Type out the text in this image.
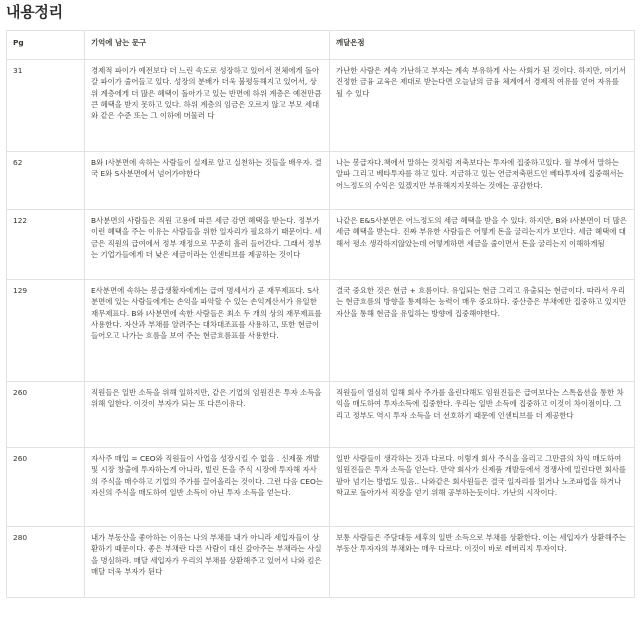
내용정리
Pg	기억에 남는 문구	깨달은점
31	경제적 파이가 예전보다 더 느린 속도로 성장하고 있어서 전체에게 돌아갈 파이가 줄어들고 있다. 성장의 분배가 더욱 불평등해지고 있어서, 상위 계층에게 더 많은 혜택이 돌아가고 있는 반면에 하위 계층은 예전만큼 큰 혜택을 받지 못하고 있다. 하위 계층의 임금은 오르지 않고 부모 세대와 같은 수준 또는 그 이하에 머물러 다	가난한 사람은 계속 가난하고 부자는 계속 부유하게 사는 사회가 된 것이다. 하지만, 여기서 진정한 금융 교육은 제대로 받는다면 오늘날의 금융 체계에서 경제적 여유를 얻어 자유를 될 수 있다
62	B와 I사분면에 속하는 사람들이 실제로 알고 실천하는 것들을 배우자. 결국 E와 S사분면에서 넘어가야한다	나는 봉급자다.책에서 말하는 것처럼 저축보다는 투자에 집중하고있다. 월 부에서 말하는 알파 그리고 베타투자를 하고 있다. 지금하고 있는 연금저축펀드인 베타투자에 집중해서는 어느정도의 수익은 있겠지만 부유해지지못하는 것에는 공감한다.
122	B사분면의 사람들은 직원 고용에 따른 세금 감면 혜택을 받는다. 정부가 이런 혜택을 주는 이유는 사람들을 위한 일자리가 필요하기 때문이다. 세금은 직원의 급여에서 정부 재정으로 꾸준히 흘러 들어간다. 그래서 정부는 기업가들에게 더 낮은 세금이라는 인센티브를 제공하는 것이다	나같은 E&S사분면은 어느정도의 세금 혜택을 받을 수 있다. 하지만, B와 I사분면이 더 많은 세금 혜택을 받는다. 진짜 부유한 사람들은 어떻게 돈을 굴리는지가 보인다. 세금 혜택에 대해서 평소 생각하지않았는데 어떻게하면 세금을 줄이면서 돈을 굴리는지 이해하게됨
129	E사분면에 속하는 봉급생활자에게는 급여 명세서가 곧 재무제표다. S사분면에 있는 사람들에게는 손익을 파악할 수 있는 손익계산서가 유일한 재무제표다. B와 I사분면에 속한 사람들은 최소 두 개의 상의 재무제표를 사용한다. 자산과 부채를 알려주는 대차대조표를 사용하고, 또한 현금이 들어오고 나가는 흐름을 보여 주는 현금흐름표를 사용한다.	결국 중요한 것은 현금 + 흐름이다. 유입되는 현금 그리고 유출되는 현금이다. 따라서 우리는 현금흐름의 방향을 통제하는 능력이 매우 중요하다. 중산층은 부채에만 집중하고 있지만 자산을 통해 현금을 유입하는 방향에 집중해야한다.
260	직원들은 일반 소득을 위해 일하지만, 같은 기업의 임원진은 투자 소득을 위해 일한다. 이것이 부자가 되는 또 다른이유다.	직원들이 열심히 일해 회사 주가를 올린다해도 임원진들은 급여보다는 스톡옵션을 통한 차익을 매도하여 투자소득에 집중한다. 우리는 일반 소득에 집중하고 이것이 차이점이다. 그리고 정부도 역시 투자 소득을 더 선호하기 때문에 인센티브를 더 제공한다
260	자사주 매입 = CEO와 직원들이 사업을 성장시킬 수 없을 . 신제품 개발 및 시장 창출에 투자하는게 아니라, 빌린 돈을 주식 시장에 투자해 자사의 주식을 매수하고 기업의 주가를 끌어올리는 것이다. 그런 다음 CEO는 자신의 주식을 매도하여 일반 소득이 아닌 투자 소득을 얻는다.	일반 사람들이 생각하는 것과 다르다. 이렇게 회사 주식을 올리고 그만큼의 차익 매도하여 임원진들은 투자 소득을 얻는다. 만약 회사가 신제품 개발등에서 경쟁사에 밀린다면 회사를 팔아 넘기는 방법도 있음.. 나와같은 회사원들은 결국 일자리를 읽거나 노조파업을 하거나 학교로 돌아가서 직장을 얻기 위해 공부하는듯이다. 가난의 시작이다.
280	내가 부동산을 좋아하는 이유는 나의 부채를 내가 아니라 세입자들이 상환하기 때문이다. 좋은 부채란 다른 사람이 대신 갚아주는 부채라는 사실을 명심하라. 매달 세입자가 우리의 부채를 상환해주고 있어서 나와 킴은 매달 더욱 부자가 된다	보통 사람들은 주담대등 세후의 일반 소득으로 부채를 상환한다. 이는 세입자가 상환해주는 부동산 투자자의 부채와는 매우 다르다. 이것이 바로 레버리지 투자이다.
